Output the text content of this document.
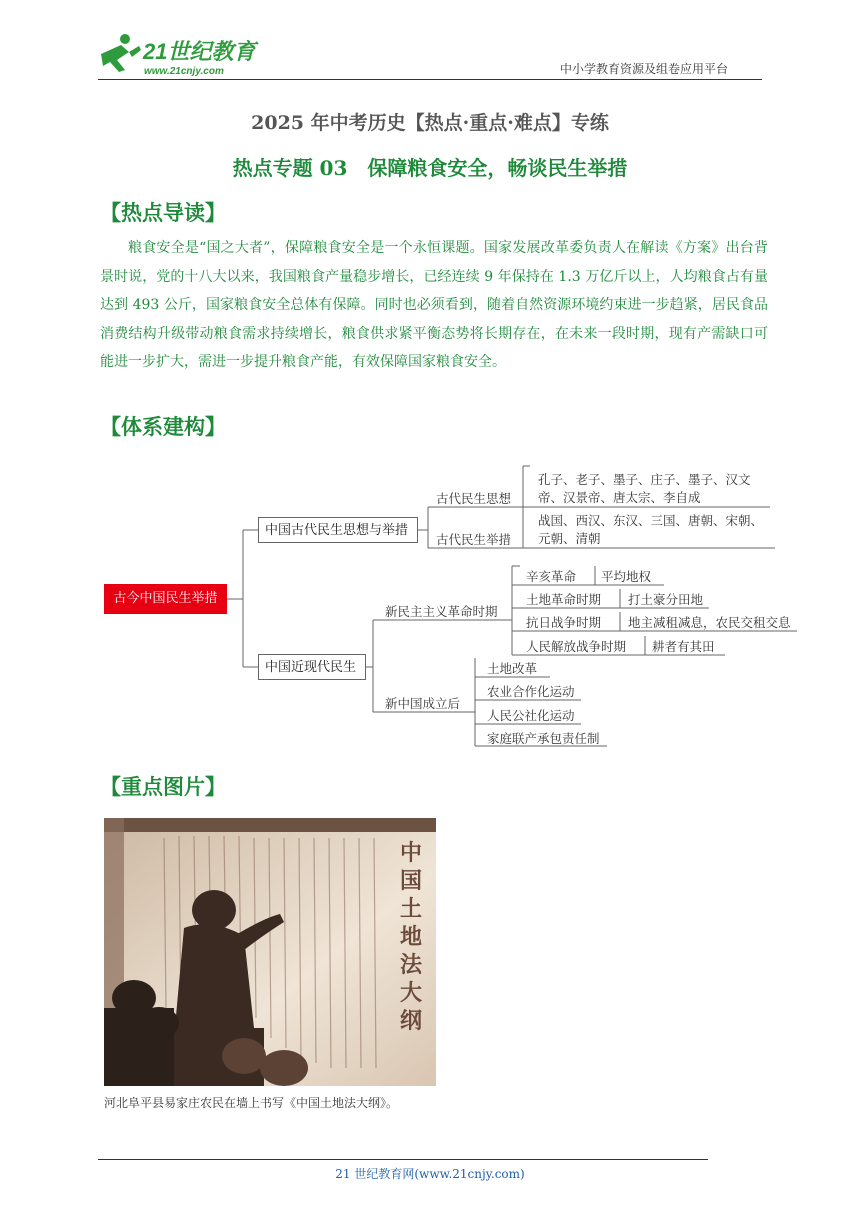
21世纪教育
www.21cnjy.com	中小学教育资源及组卷应用平台
2025 年中考历史【热点·重点·难点】专练
热点专题 03　保障粮食安全，畅谈民生举措
【热点导读】
粮食安全是“国之大者”，保障粮食安全是一个永恒课题。国家发展改革委负责人在解读《方案》出台背景时说，党的十八大以来，我国粮食产量稳步增长，已经连续 9 年保持在 1.3 万亿斤以上，人均粮食占有量达到 493 公斤，国家粮食安全总体有保障。同时也必须看到，随着自然资源环境约束进一步趋紧，居民食品消费结构升级带动粮食需求持续增长，粮食供求紧平衡态势将长期存在，在未来一段时期，现有产需缺口可能进一步扩大，需进一步提升粮食产能，有效保障国家粮食安全。
【体系建构】
古今中国民生举措
中国古代民生思想与举措
中国近现代民生
古代民生思想
孔子、老子、墨子、庄子、墨子、汉文
帝、汉景帝、唐太宗、李自成
古代民生举措
战国、西汉、东汉、三国、唐朝、宋朝、
元朝、清朝
新民主主义革命时期
辛亥革命 平均地权
土地革命时期 打土豪分田地
抗日战争时期 地主减租减息，农民交租交息
人民解放战争时期 耕者有其田
新中国成立后
土地改革
农业合作化运动
人民公社化运动
家庭联产承包责任制
【重点图片】
中
国
土
地
法
大
纲
河北阜平县易家庄农民在墙上书写《中国土地法大纲》。
21 世纪教育网(www.21cnjy.com)
